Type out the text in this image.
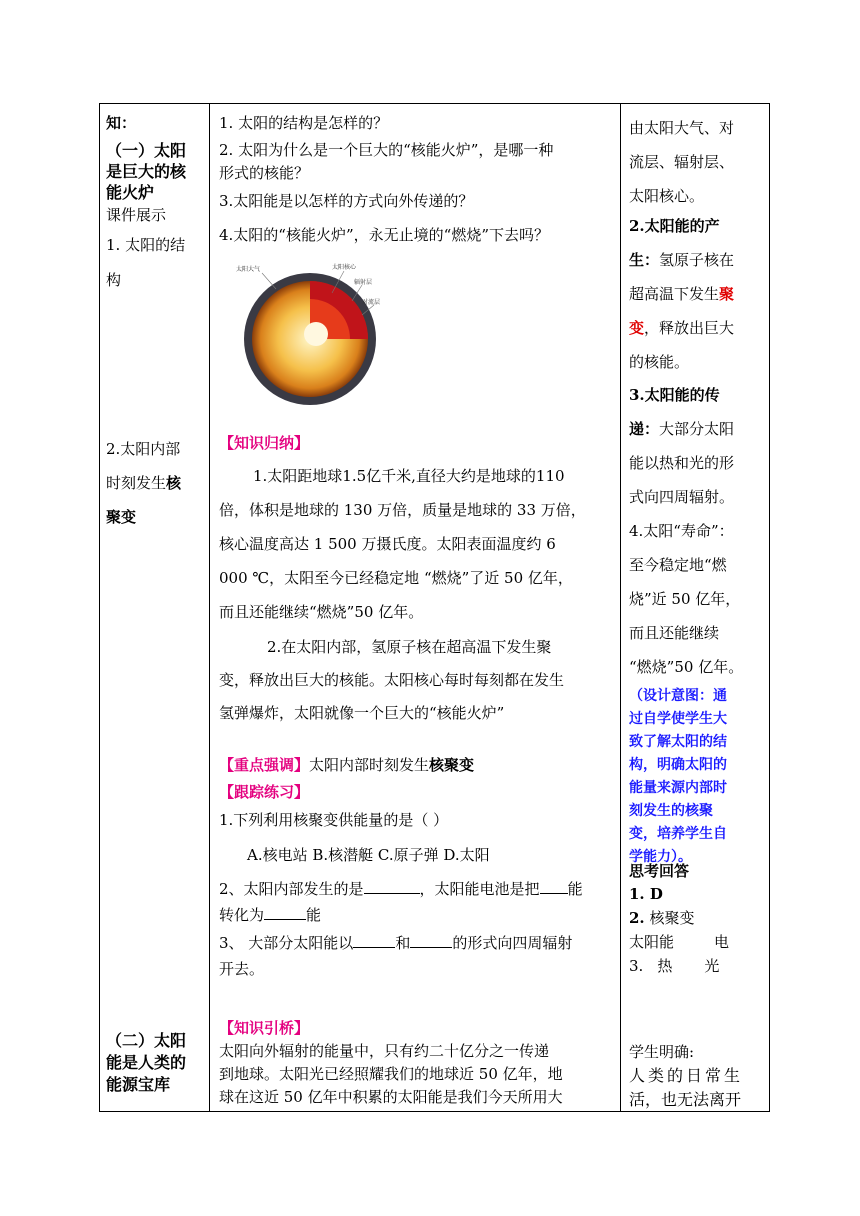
知：
（一）太阳
是巨大的核
能火炉
课件展示
1. 太阳的结
构
2.太阳内部
时刻发生核
聚变
（二）太阳
能是人类的
能源宝库

1. 太阳的结构是怎样的？
2. 太阳为什么是一个巨大的“核能火炉”，是哪一种
形式的核能？
3.太阳能是以怎样的方式向外传递的？
4.太阳的“核能火炉”，永无止境的“燃烧”下去吗？
太阳大气	太阳核心
辐射层
对流层
【知识归纳】
1.太阳距地球1.5亿千米,直径大约是地球的110
倍，体积是地球的 130 万倍，质量是地球的 33 万倍，
核心温度高达 1 500 万摄氏度。太阳表面温度约 6
000 ℃，太阳至今已经稳定地 “燃烧”了近 50 亿年，
而且还能继续“燃烧”50 亿年。
2.在太阳内部，氢原子核在超高温下发生聚
变，释放出巨大的核能。太阳核心每时每刻都在发生
氢弹爆炸，太阳就像一个巨大的“核能火炉”
【重点强调】太阳内部时刻发生核聚变
【跟踪练习】
1.下列利用核聚变供能量的是（ ）
A.核电站 B.核潜艇 C.原子弹 D.太阳
2、太阳内部发生的是	，太阳能电池是把 能
转化为	能
3、 大部分太阳能以	和	的形式向四周辐射
开去。
【知识引桥】
太阳向外辐射的能量中，只有约二十亿分之一传递
到地球。太阳光已经照耀我们的地球近 50 亿年，地
球在这近 50 亿年中积累的太阳能是我们今天所用大

由太阳大气、对
流层、辐射层、
太阳核心。
2.太阳能的产
生：氢原子核在
超高温下发生聚
变，释放出巨大
的核能。
3.太阳能的传
递：大部分太阳
能以热和光的形
式向四周辐射。
4.太阳“寿命”：
至今稳定地“燃
烧”近 50 亿年，
而且还能继续
“燃烧”50 亿年。
（设计意图：通
过自学使学生大
致了解太阳的结
构，明确太阳的
能量来源内部时
刻发生的核聚
变，培养学生自
学能力）。
思考回答
1. D
2. 核聚变
太阳能	电
3. 热 光
学生明确:
人类的日常生
活，也无法离开
